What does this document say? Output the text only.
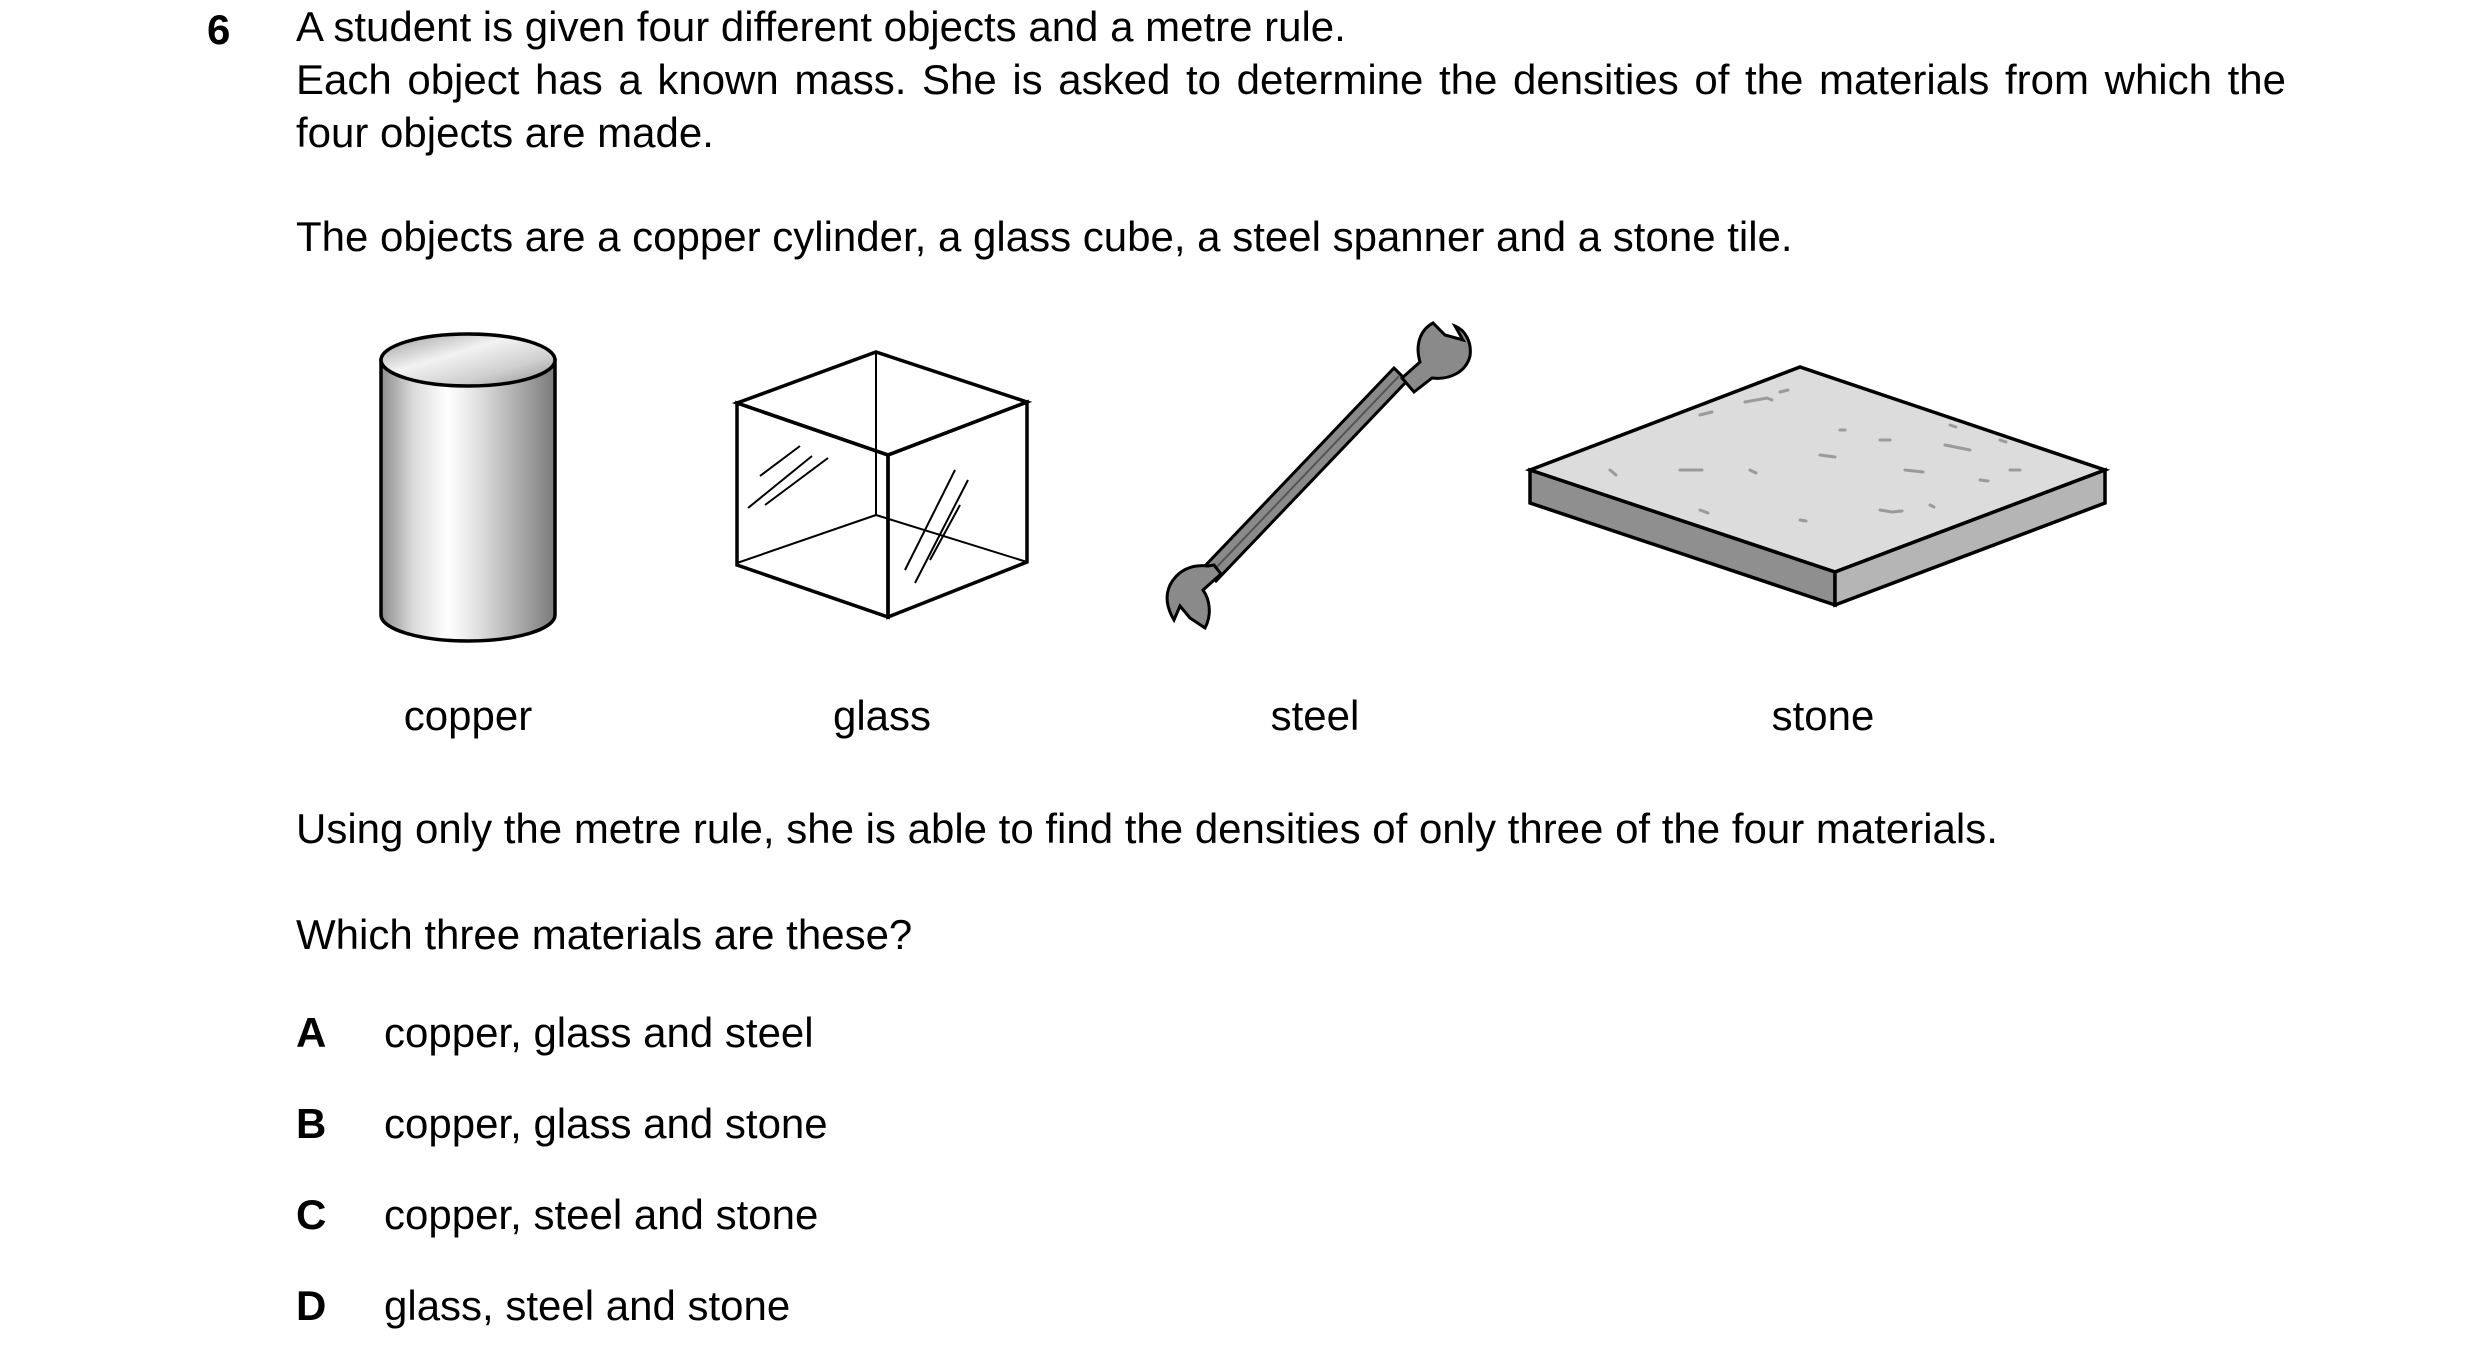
6 A student is given four different objects and a metre rule.

Each object has a known mass. She is asked to determine the densities of the materials from which the four objects are made.

The objects are a copper cylinder, a glass cube, a steel spanner and a stone tile.
copper	glass	steel	stone
Using only the metre rule, she is able to find the densities of only three of the four materials.
Which three materials are these?
A copper, glass and steel
B copper, glass and stone
C copper, steel and stone
D glass, steel and stone
